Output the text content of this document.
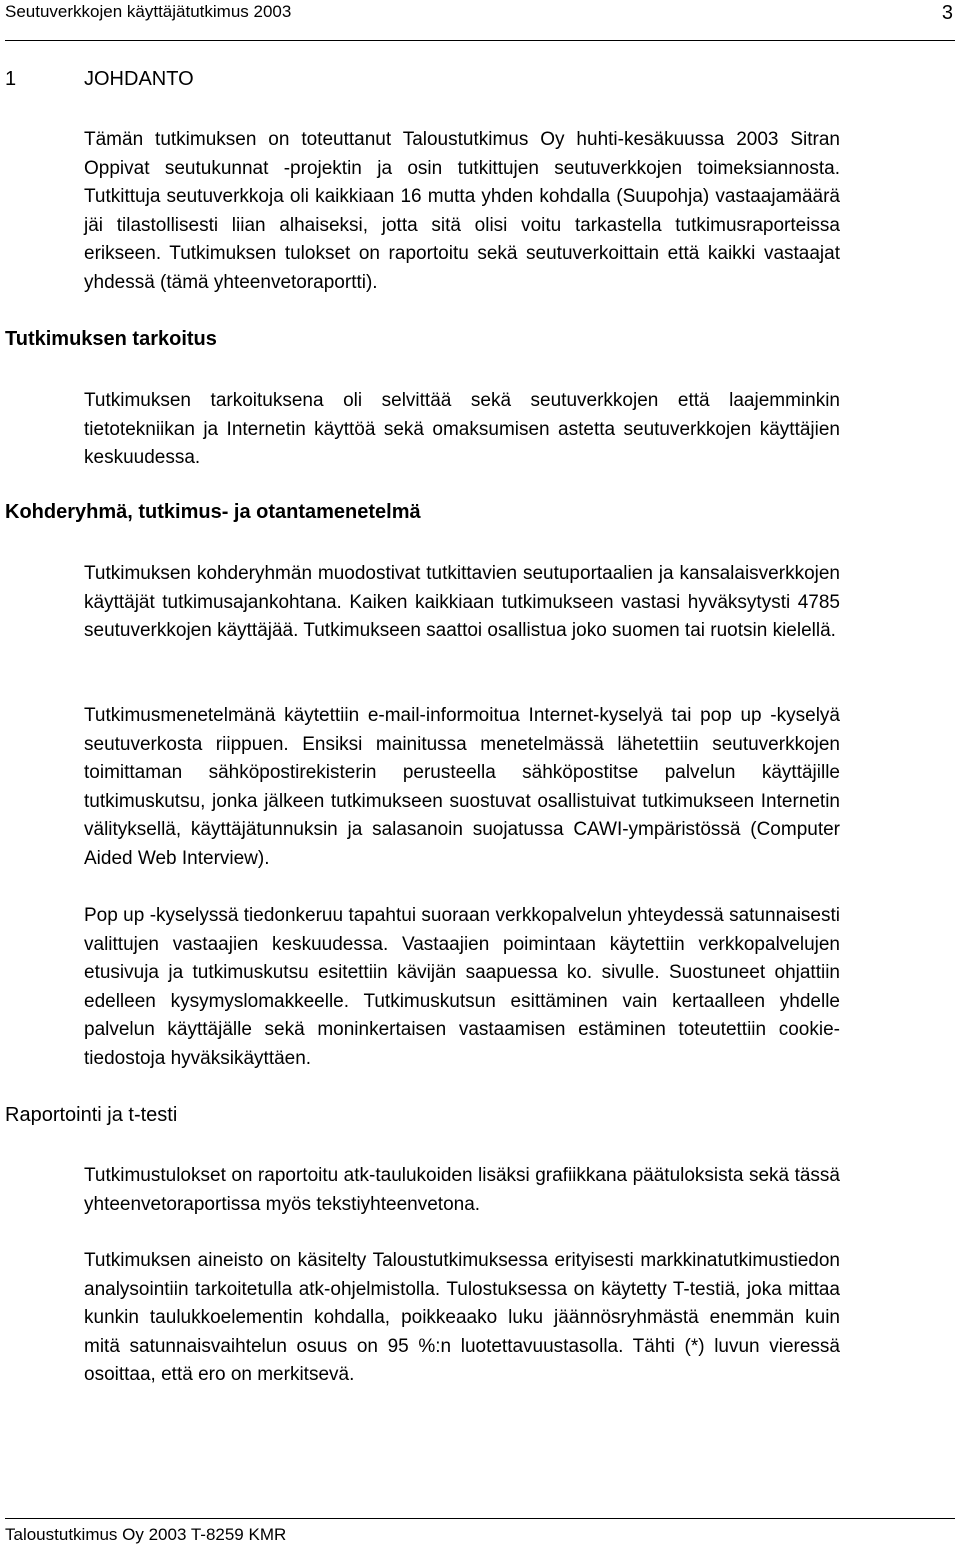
Seutuverkkojen käyttäjätutkimus 2003	3
1	JOHDANTO

Tämän tutkimuksen on toteuttanut Taloustutkimus Oy huhti-kesäkuussa 2003 Sitran Oppivat seutukunnat -projektin ja osin tutkittujen seutuverkkojen toimeksiannosta. Tutkittuja seutuverkkoja oli kaikkiaan 16 mutta yhden kohdalla (Suupohja) vastaajamäärä jäi tilastollisesti liian alhaiseksi, jotta sitä olisi voitu tarkastella tutkimusraporteissa erikseen. Tutkimuksen tulokset on raportoitu sekä seutuverkoittain että kaikki vastaajat yhdessä (tämä yhteenvetoraportti).

Tutkimuksen tarkoitus

Tutkimuksen tarkoituksena oli selvittää sekä seutuverkkojen että laajemminkin tietotekniikan ja Internetin käyttöä sekä omaksumisen astetta seutuverkkojen käyttäjien keskuudessa.

Kohderyhmä, tutkimus- ja otantamenetelmä

Tutkimuksen kohderyhmän muodostivat tutkittavien seutuportaalien ja kansalaisverkkojen käyttäjät tutkimusajankohtana. Kaiken kaikkiaan tutkimukseen vastasi hyväksytysti 4785 seutuverkkojen käyttäjää. Tutkimukseen saattoi osallistua joko suomen tai ruotsin kielellä.

Tutkimusmenetelmänä käytettiin e-mail-informoitua Internet-kyselyä tai pop up -kyselyä seutuverkosta riippuen. Ensiksi mainitussa menetelmässä lähetettiin seutuverkkojen toimittaman sähköpostirekisterin perusteella sähköpostitse palvelun käyttäjille tutkimuskutsu, jonka jälkeen tutkimukseen suostuvat osallistuivat tutkimukseen Internetin välityksellä, käyttäjätunnuksin ja salasanoin suojatussa CAWI-ympäristössä (Computer Aided Web Interview).

Pop up -kyselyssä tiedonkeruu tapahtui suoraan verkkopalvelun yhteydessä satunnaisesti valittujen vastaajien keskuudessa. Vastaajien poimintaan käytettiin verkkopalvelujen etusivuja ja tutkimuskutsu esitettiin kävijän saapuessa ko. sivulle. Suostuneet ohjattiin edelleen kysymyslomakkeelle. Tutkimuskutsun esittäminen vain kertaalleen yhdelle palvelun käyttäjälle sekä moninkertaisen vastaamisen estäminen toteutettiin cookie-tiedostoja hyväksikäyttäen.

Raportointi ja t-testi

Tutkimustulokset on raportoitu atk-taulukoiden lisäksi grafiikkana päätuloksista sekä tässä yhteenvetoraportissa myös tekstiyhteenvetona.

Tutkimuksen aineisto on käsitelty Taloustutkimuksessa erityisesti markkinatutkimustiedon analysointiin tarkoitetulla atk-ohjelmistolla. Tulostuksessa on käytetty T-testiä, joka mittaa kunkin taulukkoelementin kohdalla, poikkeaako luku jäännösryhmästä enemmän kuin mitä satunnaisvaihtelun osuus on 95 %:n luotettavuustasolla. Tähti (*) luvun vieressä osoittaa, että ero on merkitsevä.

Taloustutkimus Oy 2003 T-8259 KMR
